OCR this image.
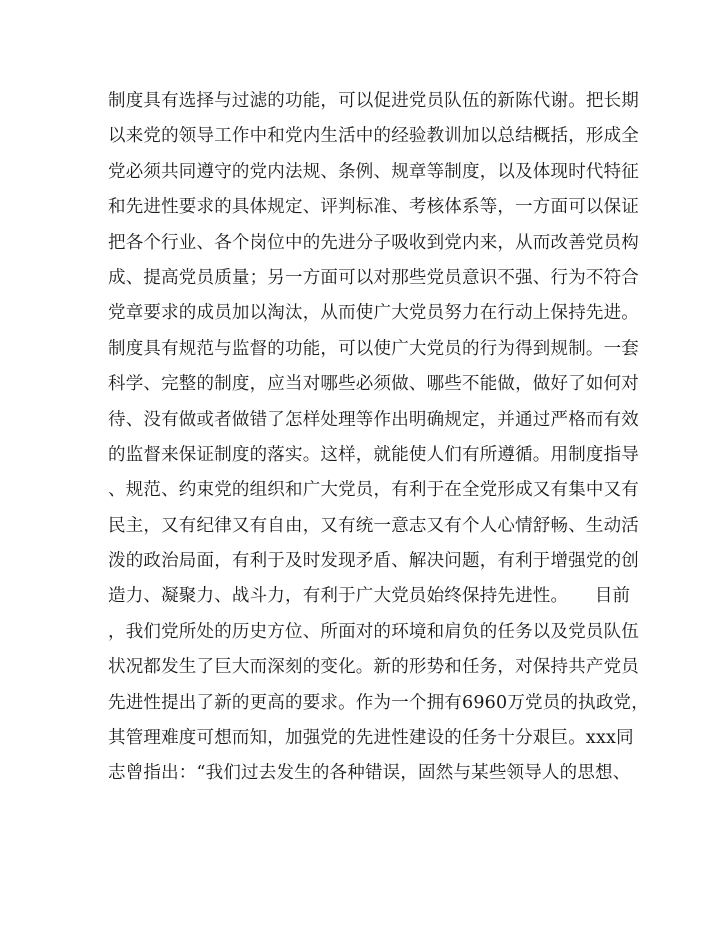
制度具有选择与过滤的功能，可以促进党员队伍的新陈代谢。把长期
以来党的领导工作中和党内生活中的经验教训加以总结概括，形成全
党必须共同遵守的党内法规、条例、规章等制度，以及体现时代特征
和先进性要求的具体规定、评判标准、考核体系等，一方面可以保证
把各个行业、各个岗位中的先进分子吸收到党内来，从而改善党员构
成、提高党员质量；另一方面可以对那些党员意识不强、行为不符合
党章要求的成员加以淘汰，从而使广大党员努力在行动上保持先进。
制度具有规范与监督的功能，可以使广大党员的行为得到规制。一套
科学、完整的制度，应当对哪些必须做、哪些不能做，做好了如何对
待、没有做或者做错了怎样处理等作出明确规定，并通过严格而有效
的监督来保证制度的落实。这样，就能使人们有所遵循。用制度指导
、规范、约束党的组织和广大党员，有利于在全党形成又有集中又有
民主，又有纪律又有自由，又有统一意志又有个人心情舒畅、生动活
泼的政治局面，有利于及时发现矛盾、解决问题，有利于增强党的创
造力、凝聚力、战斗力，有利于广大党员始终保持先进性。　　目前
，我们党所处的历史方位、所面对的环境和肩负的任务以及党员队伍
状况都发生了巨大而深刻的变化。新的形势和任务，对保持共产党员
先进性提出了新的更高的要求。作为一个拥有6960万党员的执政党，
其管理难度可想而知，加强党的先进性建设的任务十分艰巨。xxx同
志曾指出：“我们过去发生的各种错误，固然与某些领导人的思想、
